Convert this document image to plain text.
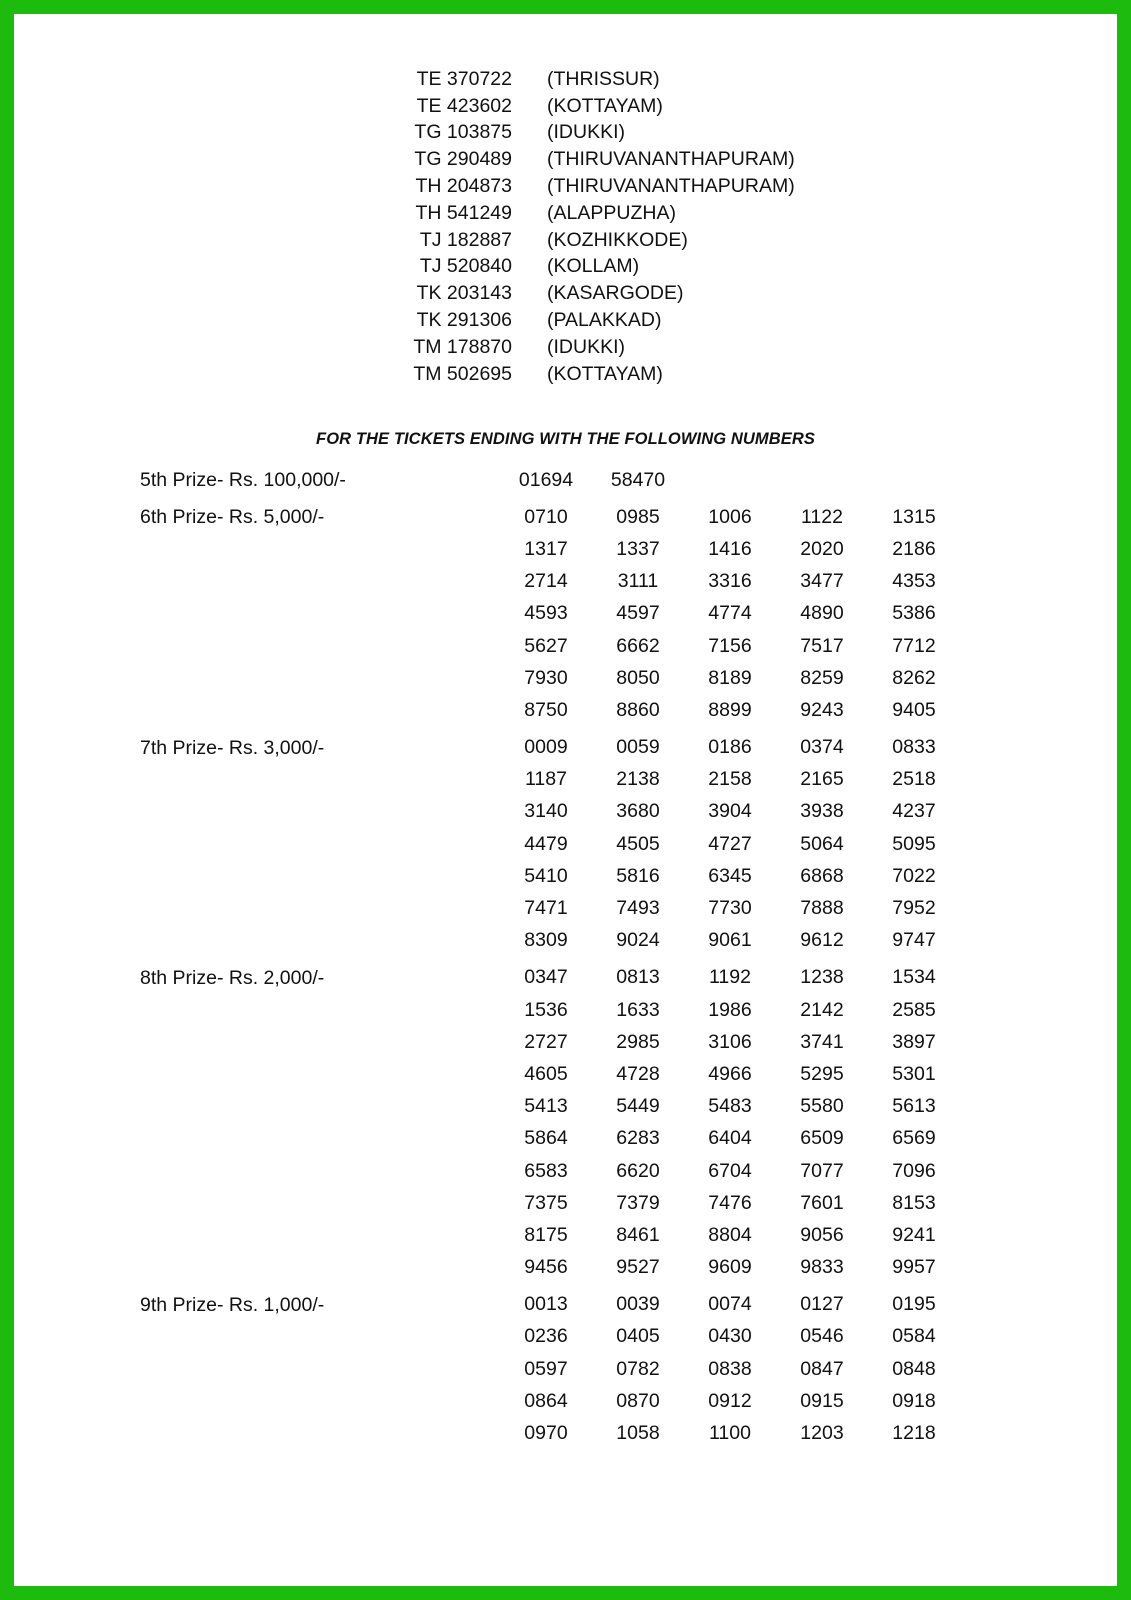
TE 370722	(THRISSUR)
TE 423602	(KOTTAYAM)
TG 103875	(IDUKKI)
TG 290489	(THIRUVANANTHAPURAM)
TH 204873	(THIRUVANANTHAPURAM)
TH 541249	(ALAPPUZHA)
TJ 182887	(KOZHIKKODE)
TJ 520840	(KOLLAM)
TK 203143	(KASARGODE)
TK 291306	(PALAKKAD)
TM 178870	(IDUKKI)
TM 502695	(KOTTAYAM)
FOR THE TICKETS ENDING WITH THE FOLLOWING NUMBERS
5th Prize- Rs. 100,000/-	01694	58470
6th Prize- Rs. 5,000/-	0710	0985	1006	1122	1315
1317	1337	1416	2020	2186
2714	3111	3316	3477	4353
4593	4597	4774	4890	5386
5627	6662	7156	7517	7712
7930	8050	8189	8259	8262
8750	8860	8899	9243	9405
7th Prize- Rs. 3,000/-	0009	0059	0186	0374	0833
1187	2138	2158	2165	2518
3140	3680	3904	3938	4237
4479	4505	4727	5064	5095
5410	5816	6345	6868	7022
7471	7493	7730	7888	7952
8309	9024	9061	9612	9747
8th Prize- Rs. 2,000/-	0347	0813	1192	1238	1534
1536	1633	1986	2142	2585
2727	2985	3106	3741	3897
4605	4728	4966	5295	5301
5413	5449	5483	5580	5613
5864	6283	6404	6509	6569
6583	6620	6704	7077	7096
7375	7379	7476	7601	8153
8175	8461	8804	9056	9241
9456	9527	9609	9833	9957
9th Prize- Rs. 1,000/-	0013	0039	0074	0127	0195
0236	0405	0430	0546	0584
0597	0782	0838	0847	0848
0864	0870	0912	0915	0918
0970	1058	1100	1203	1218
